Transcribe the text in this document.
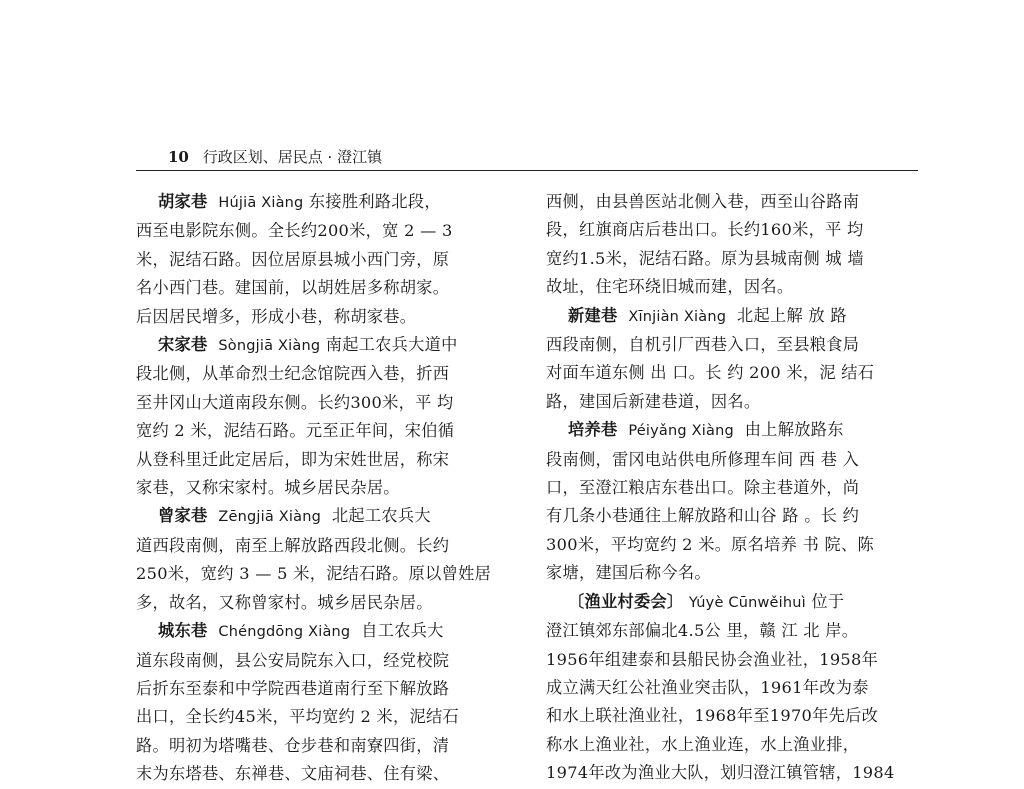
10 行政区划、居民点 · 澄江镇
胡家巷 Hújiā Xiàng 东接胜利路北段，
西至电影院东侧。全长约200米，宽 2 — 3
米，泥结石路。因位居原县城小西门旁，原
名小西门巷。建国前，以胡姓居多称胡家。
后因居民增多，形成小巷，称胡家巷。
宋家巷 Sòngjiā Xiàng 南起工农兵大道中
段北侧，从革命烈士纪念馆院西入巷，折西
至井冈山大道南段东侧。长约300米，平 均
宽约 2 米，泥结石路。元至正年间，宋伯循
从登科里迁此定居后，即为宋姓世居，称宋
家巷，又称宋家村。城乡居民杂居。
曾家巷 Zēngjiā Xiàng 北起工农兵大
道西段南侧，南至上解放路西段北侧。长约
250米，宽约 3 — 5 米，泥结石路。原以曾姓居
多，故名，又称曾家村。城乡居民杂居。
城东巷 Chéngdōng Xiàng 自工农兵大
道东段南侧，县公安局院东入口，经党校院
后折东至泰和中学院西巷道南行至下解放路
出口，全长约45米，平均宽约 2 米，泥结石
路。明初为塔嘴巷、仓步巷和南寮四街，清
末为东塔巷、东禅巷、文庙祠巷、住有梁、
西侧，由县兽医站北侧入巷，西至山谷路南
段，红旗商店后巷出口。长约160米，平 均
宽约1.5米，泥结石路。原为县城南侧 城 墙
故址，住宅环绕旧城而建，因名。
新建巷 Xīnjiàn Xiàng 北起上解 放 路
西段南侧，自机引厂西巷入口，至县粮食局
对面车道东侧 出 口。长 约 200 米，泥 结石
路，建国后新建巷道，因名。
培养巷 Péiyǎng Xiàng 由上解放路东
段南侧，雷冈电站供电所修理车间 西 巷 入
口，至澄江粮店东巷出口。除主巷道外，尚
有几条小巷通往上解放路和山谷 路 。长 约
300米，平均宽约 2 米。原名培养 书 院、陈
家塘，建国后称今名。
〔渔业村委会〕 Yúyè Cūnwěihuì 位于
澄江镇郊东部偏北4.5公 里，赣 江 北 岸。
1956年组建泰和县船民协会渔业社，1958年
成立满天红公社渔业突击队，1961年改为泰
和水上联社渔业社，1968年至1970年先后改
称水上渔业社，水上渔业连，水上渔业排，
1974年改为渔业大队，划归澄江镇管辖，1984
